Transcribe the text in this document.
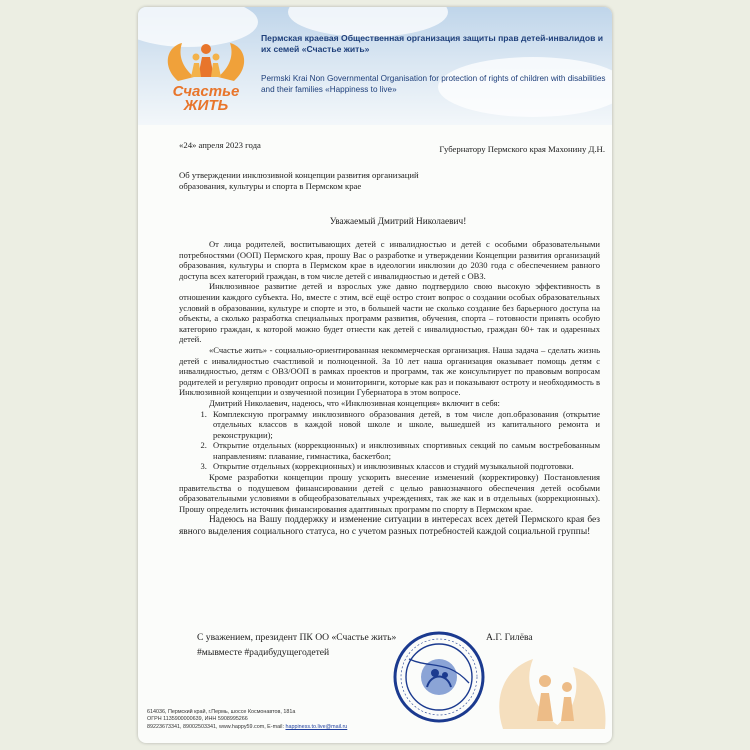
Счастье
ЖИТЬ
Пермская краевая Общественная организация защиты прав детей-инвалидов и их семей «Счастье жить»
Permski Krai Non Governmental Organisation for protection of rights of children with disabilities and their families «Happiness to live»
«24» апреля 2023 года	Губернатору Пермского края Махонину Д.Н.
Об утверждении инклюзивной концепции развития организаций образования, культуры и спорта в Пермском крае
Уважаемый Дмитрий Николаевич!

От лица родителей, воспитывающих детей с инвалидностью и детей с особыми образовательными потребностями (ООП) Пермского края, прошу Вас о разработке и утверждении Концепции развития организаций образования, культуры и спорта в Пермском крае в идеологии инклюзии до 2030 года с обеспечением равного доступа всех категорий граждан, в том числе детей с инвалидностью и детей с ОВЗ.

Инклюзивное развитие детей и взрослых уже давно подтвердило свою высокую эффективность в отношении каждого субъекта. Но, вместе с этим, всё ещё остро стоит вопрос о создании особых образовательных условий в образовании, культуре и спорте и это, в большей части не сколько создание без барьерного доступа на объекты, а сколько разработка специальных программ развития, обучения, спорта – готовности принять особую категорию граждан, к которой можно будет отнести как детей с инвалидностью, граждан 60+ так и одаренных детей.

«Счастье жить» - социально-ориентированная некоммерческая организация. Наша задача – сделать жизнь детей с инвалидностью счастливой и полноценной. За 10 лет наша организация оказывает помощь детям с инвалидностью, детям с ОВЗ/ООП в рамках проектов и программ, так же консультирует по правовым вопросам родителей и регулярно проводит опросы и мониторинги, которые как раз и показывают остроту и необходимость в Инклюзивной концепции и озвученной позиции Губернатора в этом вопросе.

Дмитрий Николаевич, надеюсь, что «Инклюзивная концепция» включит в себя:

1. Комплексную программу инклюзивного образования детей, в том числе доп.образования (открытие отдельных классов в каждой новой школе и школе, вышедшей из капитального ремонта и реконструкции);
2. Открытие отдельных (коррекционных) и инклюзивных спортивных секций по самым востребованным направлениям: плавание, гимнастика, баскетбол;
3. Открытие отдельных (коррекционных) и инклюзивных классов и студий музыкальной подготовки.

Кроме разработки концепции прошу ускорить внесение изменений (корректировку) Постановления правительства о подушевом финансировании детей с целью равнозначного обеспечения детей особыми образовательными условиями в общеобразовательных учреждениях, так же как и в отдельных (коррекционных). Прошу определить источник финансирования адаптивных программ по спорту в Пермском крае.

Надеюсь на Вашу поддержку и изменение ситуации в интересах всех детей Пермского края без явного выделения социального статуса, но с учетом разных потребностей каждой социальной группы!

С уважением, президент ПК ОО «Счастье жить»	А.Г. Гилёва
#мывместе #радибудущегодетей
614036, Пермский край, г.Пермь, шоссе Космонавтов, 181а
ОГРН 1135900000639, ИНН 5908995266
89223673341, 89002503341, www.happy59.com, E-mail: happiness.to.live@mail.ru
